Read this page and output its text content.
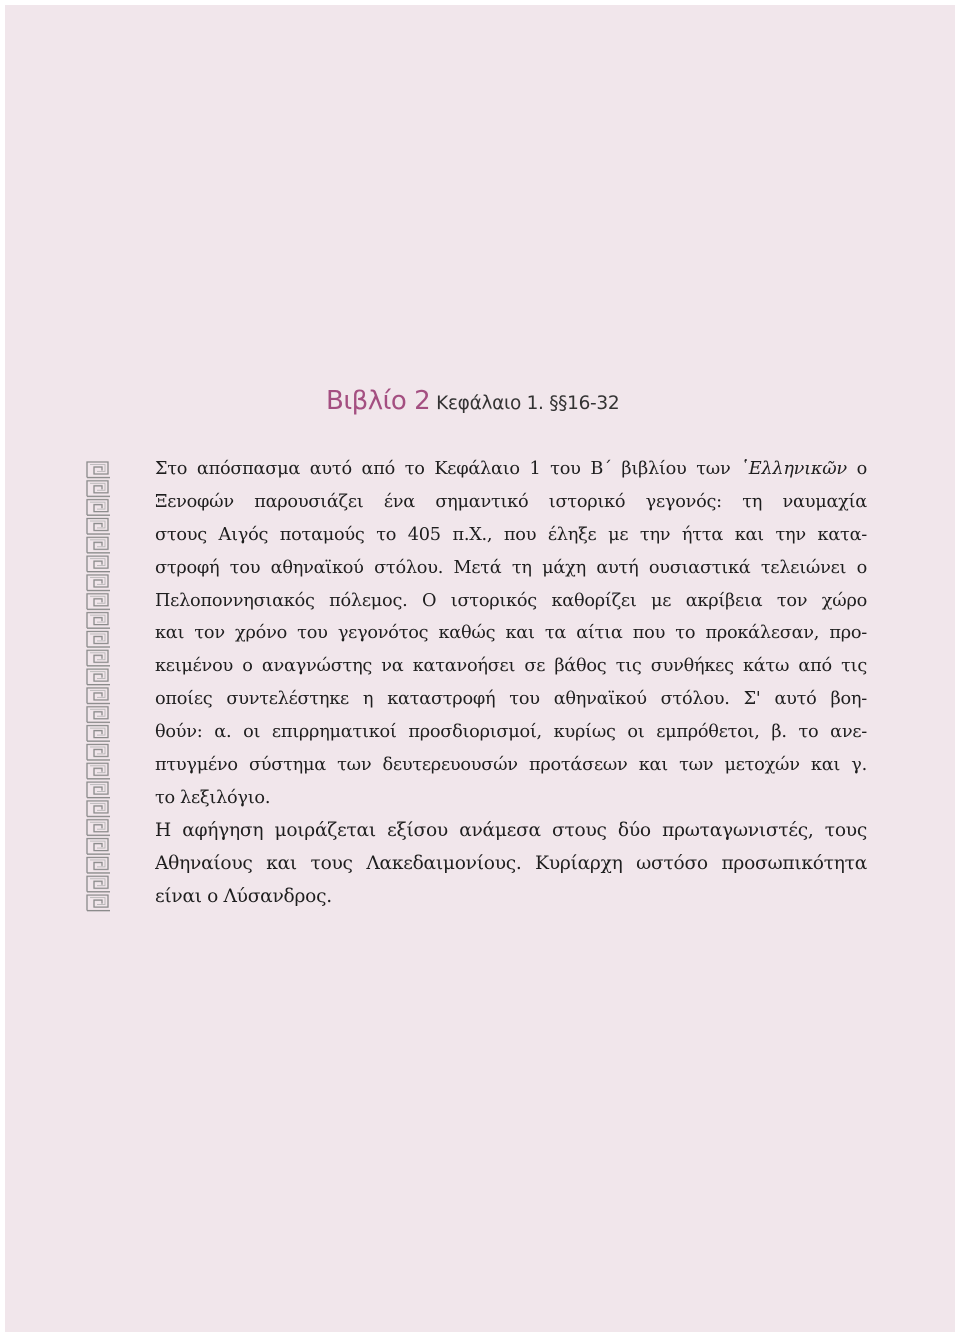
Βιβλίο 2 Κεφάλαιο 1. §§16-32
Στο απόσπασμα αυτό από το Κεφάλαιο 1 του Β΄ βιβλίου των ῾Ελληνικῶν ο
Ξενοφών παρουσιάζει ένα σημαντικό ιστορικό γεγονός: τη ναυμαχία
στους Αιγός ποταμούς το 405 π.Χ., που έληξε με την ήττα και την κατα-
στροφή του αθηναϊκού στόλου. Μετά τη μάχη αυτή ουσιαστικά τελειώνει ο
Πελοποννησιακός πόλεμος. Ο ιστορικός καθορίζει με ακρίβεια τον χώρο
και τον χρόνο του γεγονότος καθώς και τα αίτια που το προκάλεσαν, προ-
κειμένου ο αναγνώστης να κατανοήσει σε βάθος τις συνθήκες κάτω από τις
οποίες συντελέστηκε η καταστροφή του αθηναϊκού στόλου. Σ' αυτό βοη-
θούν: α. οι επιρρηματικοί προσδιορισμοί, κυρίως οι εμπρόθετοι, β. το ανε-
πτυγμένο σύστημα των δευτερευουσών προτάσεων και των μετοχών και γ.
το λεξιλόγιο.
Η αφήγηση μοιράζεται εξίσου ανάμεσα στους δύο πρωταγωνιστές, τους
Αθηναίους και τους Λακεδαιμονίους. Κυρίαρχη ωστόσο προσωπικότητα
είναι ο Λύσανδρος.
